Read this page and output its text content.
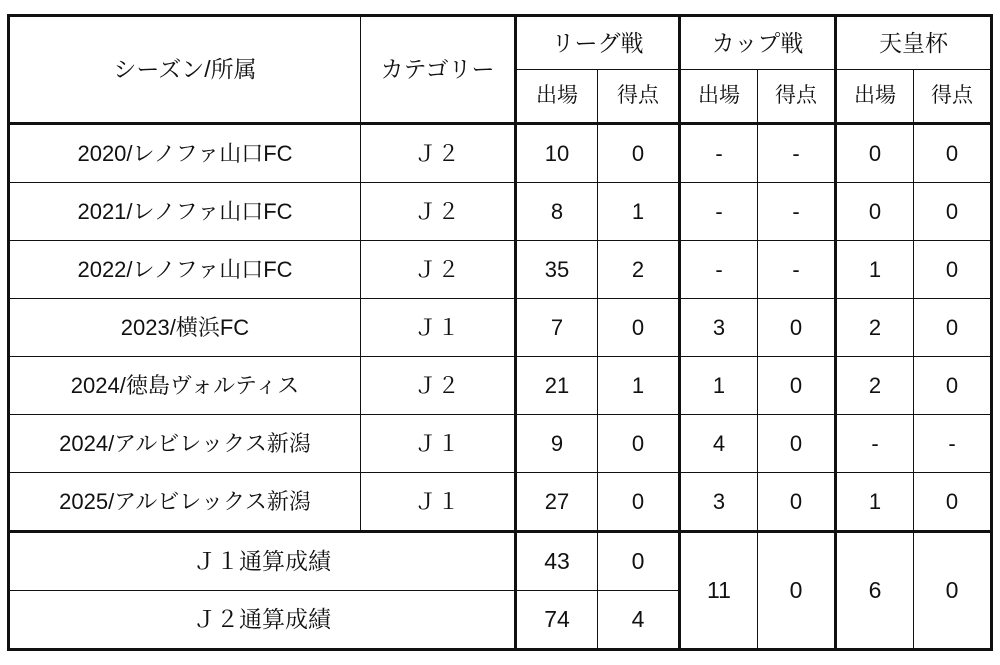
シーズン/所属	カテゴリー	リーグ戦		カップ戦		天皇杯	
		出場	得点	出場	得点	出場	得点
2020/レノファ山口FC	Ｊ２	10	0	-	-	0	0
2021/レノファ山口FC	Ｊ２	8	1	-	-	0	0
2022/レノファ山口FC	Ｊ２	35	2	-	-	1	0
2023/横浜FC	Ｊ１	7	0	3	0	2	0
2024/徳島ヴォルティス	Ｊ２	21	1	1	0	2	0
2024/アルビレックス新潟	Ｊ１	9	0	4	0	-	-
2025/アルビレックス新潟	Ｊ１	27	0	3	0	1	0
Ｊ１通算成績		43	0	11	0	6	0
Ｊ２通算成績		74	4				
